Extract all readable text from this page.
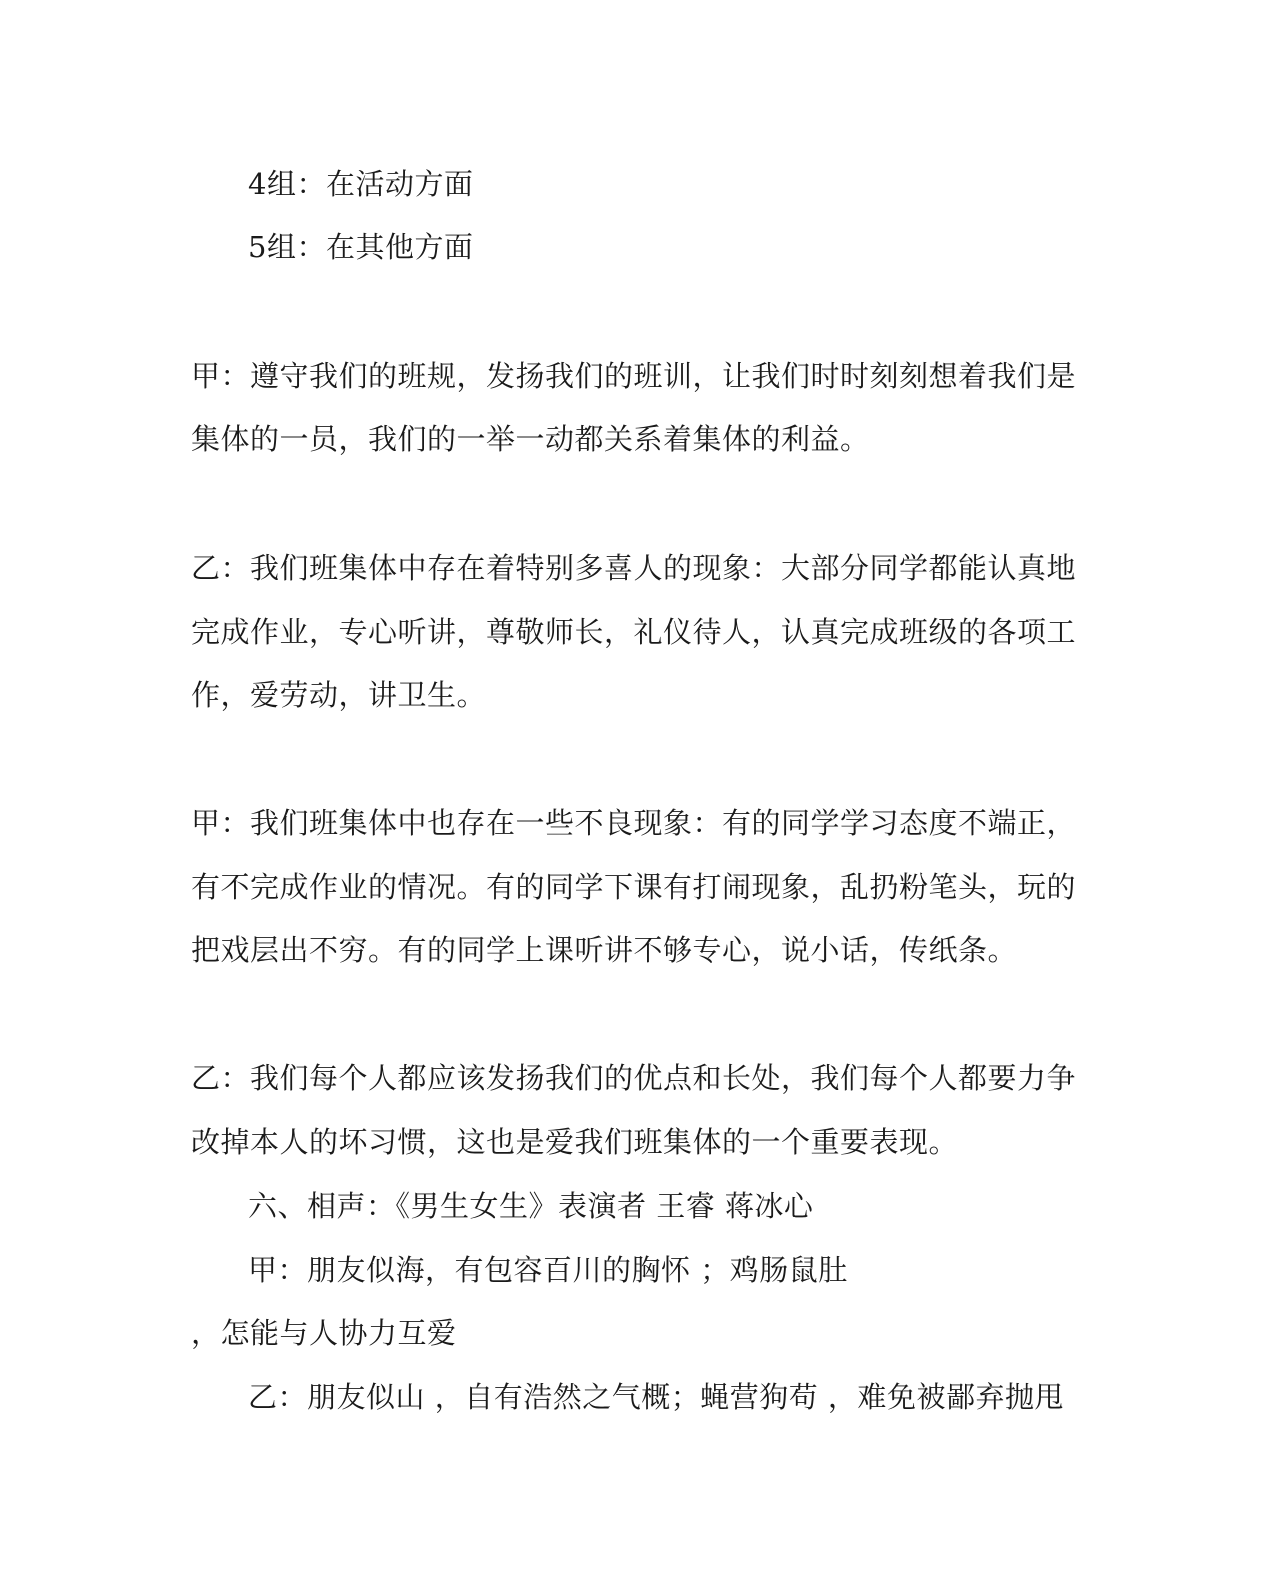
4组：在活动方面
5组：在其他方面
甲：遵守我们的班规，发扬我们的班训，让我们时时刻刻想着我们是
集体的一员，我们的一举一动都关系着集体的利益。
乙：我们班集体中存在着特别多喜人的现象：大部分同学都能认真地
完成作业，专心听讲，尊敬师长，礼仪待人，认真完成班级的各项工
作，爱劳动，讲卫生。
甲：我们班集体中也存在一些不良现象：有的同学学习态度不端正，
有不完成作业的情况。有的同学下课有打闹现象，乱扔粉笔头，玩的
把戏层出不穷。有的同学上课听讲不够专心，说小话，传纸条。
乙：我们每个人都应该发扬我们的优点和长处，我们每个人都要力争
改掉本人的坏习惯，这也是爱我们班集体的一个重要表现。
六、相声：《男生女生》表演者 王睿 蒋冰心
甲：朋友似海，有包容百川的胸怀 ；鸡肠鼠肚
，怎能与人协力互爱
乙：朋友似山 ，自有浩然之气概；蝇营狗苟 ，难免被鄙弃抛甩
